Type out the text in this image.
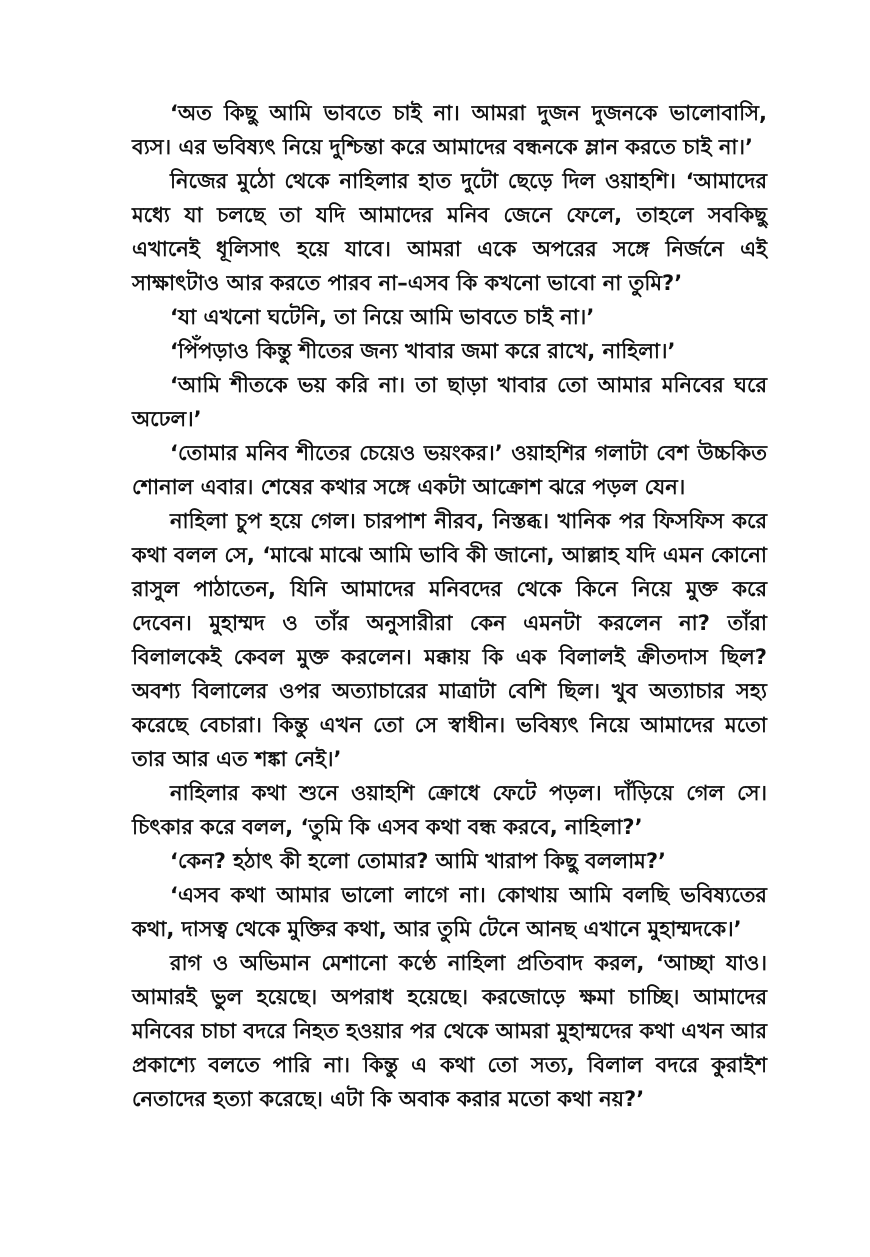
‘অত কিছু আমি ভাবতে চাই না। আমরা দুজন দুজনকে ভালোবাসি, ব্যস। এর ভবিষ্যৎ নিয়ে দুশ্চিন্তা করে আমাদের বন্ধনকে ম্লান করতে চাই না।’

নিজের মুঠো থেকে নাহিলার হাত দুটো ছেড়ে দিল ওয়াহশি। ‘আমাদের মধ্যে যা চলছে তা যদি আমাদের মনিব জেনে ফেলে, তাহলে সবকিছু এখানেই ধূলিসাৎ হয়ে যাবে। আমরা একে অপরের সঙ্গে নির্জনে এই সাক্ষাৎটাও আর করতে পারব না–এসব কি কখনো ভাবো না তুমি?’

‘যা এখনো ঘটেনি, তা নিয়ে আমি ভাবতে চাই না।’

‘পিঁপড়াও কিন্তু শীতের জন্য খাবার জমা করে রাখে, নাহিলা।’

‘আমি শীতকে ভয় করি না। তা ছাড়া খাবার তো আমার মনিবের ঘরে অঢেল।’

‘তোমার মনিব শীতের চেয়েও ভয়ংকর।’ ওয়াহশির গলাটা বেশ উচ্চকিত শোনাল এবার। শেষের কথার সঙ্গে একটা আক্রোশ ঝরে পড়ল যেন।

নাহিলা চুপ হয়ে গেল। চারপাশ নীরব, নিস্তব্ধ। খানিক পর ফিসফিস করে কথা বলল সে, ‘মাঝে মাঝে আমি ভাবি কী জানো, আল্লাহ যদি এমন কোনো রাসুল পাঠাতেন, যিনি আমাদের মনিবদের থেকে কিনে নিয়ে মুক্ত করে দেবেন। মুহাম্মদ ও তাঁর অনুসারীরা কেন এমনটা করলেন না? তাঁরা বিলালকেই কেবল মুক্ত করলেন। মক্কায় কি এক বিলালই ক্রীতদাস ছিল? অবশ্য বিলালের ওপর অত্যাচারের মাত্রাটা বেশি ছিল। খুব অত্যাচার সহ্য করেছে বেচারা। কিন্তু এখন তো সে স্বাধীন। ভবিষ্যৎ নিয়ে আমাদের মতো তার আর এত শঙ্কা নেই।’

নাহিলার কথা শুনে ওয়াহশি ক্রোধে ফেটে পড়ল। দাঁড়িয়ে গেল সে। চিৎকার করে বলল, ‘তুমি কি এসব কথা বন্ধ করবে, নাহিলা?’

‘কেন? হঠাৎ কী হলো তোমার? আমি খারাপ কিছু বললাম?’

‘এসব কথা আমার ভালো লাগে না। কোথায় আমি বলছি ভবিষ্যতের কথা, দাসত্ব থেকে মুক্তির কথা, আর তুমি টেনে আনছ এখানে মুহাম্মদকে।’

রাগ ও অভিমান মেশানো কণ্ঠে নাহিলা প্রতিবাদ করল, ‘আচ্ছা যাও। আমারই ভুল হয়েছে। অপরাধ হয়েছে। করজোড়ে ক্ষমা চাচ্ছি। আমাদের মনিবের চাচা বদরে নিহত হওয়ার পর থেকে আমরা মুহাম্মদের কথা এখন আর প্রকাশ্যে বলতে পারি না। কিন্তু এ কথা তো সত্য, বিলাল বদরে কুরাইশ নেতাদের হত্যা করেছে। এটা কি অবাক করার মতো কথা নয়?’
